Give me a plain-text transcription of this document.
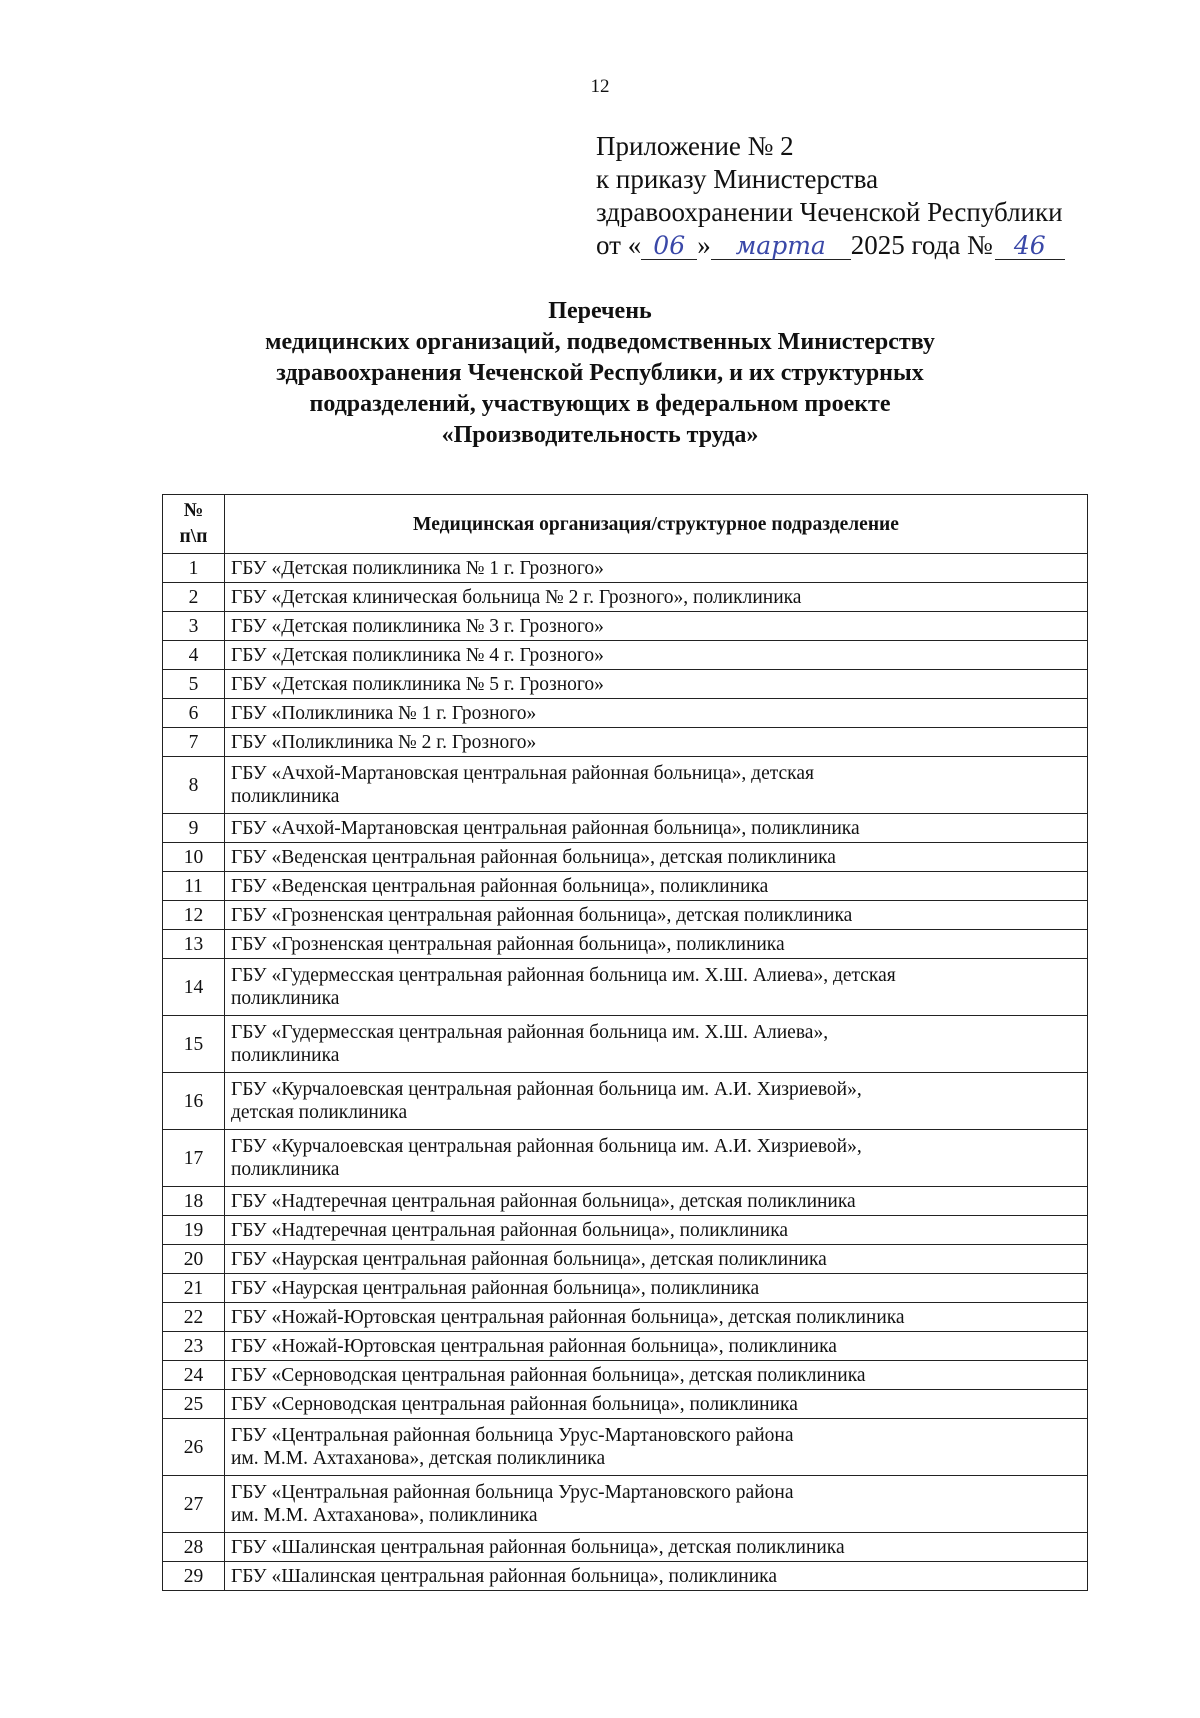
12
Приложение № 2
к приказу Министерства
здравоохранении Чеченской Республики
от « 06 » марта 2025 года № 46
Перечень
медицинских организаций, подведомственных Министерству
здравоохранения Чеченской Республики, и их структурных
подразделений, участвующих в федеральном проекте
«Производительность труда»
№
п\п	Медицинская организация/структурное подразделение
1	ГБУ «Детская поликлиника № 1 г. Грозного»
2	ГБУ «Детская клиническая больница № 2 г. Грозного», поликлиника
3	ГБУ «Детская поликлиника № 3 г. Грозного»
4	ГБУ «Детская поликлиника № 4 г. Грозного»
5	ГБУ «Детская поликлиника № 5 г. Грозного»
6	ГБУ «Поликлиника № 1 г. Грозного»
7	ГБУ «Поликлиника № 2 г. Грозного»
8	ГБУ «Ачхой-Мартановская центральная районная больница», детская
поликлиника
9	ГБУ «Ачхой-Мартановская центральная районная больница», поликлиника
10	ГБУ «Веденская центральная районная больница», детская поликлиника
11	ГБУ «Веденская центральная районная больница», поликлиника
12	ГБУ «Грозненская центральная районная больница», детская поликлиника
13	ГБУ «Грозненская центральная районная больница», поликлиника
14	ГБУ «Гудермесская центральная районная больница им. Х.Ш. Алиева», детская
поликлиника
15	ГБУ «Гудермесская центральная районная больница им. Х.Ш. Алиева»,
поликлиника
16	ГБУ «Курчалоевская центральная районная больница им. А.И. Хизриевой»,
детская поликлиника
17	ГБУ «Курчалоевская центральная районная больница им. А.И. Хизриевой»,
поликлиника
18	ГБУ «Надтеречная центральная районная больница», детская поликлиника
19	ГБУ «Надтеречная центральная районная больница», поликлиника
20	ГБУ «Наурская центральная районная больница», детская поликлиника
21	ГБУ «Наурская центральная районная больница», поликлиника
22	ГБУ «Ножай-Юртовская центральная районная больница», детская поликлиника
23	ГБУ «Ножай-Юртовская центральная районная больница», поликлиника
24	ГБУ «Серноводская центральная районная больница», детская поликлиника
25	ГБУ «Серноводская центральная районная больница», поликлиника
26	ГБУ «Центральная районная больница Урус-Мартановского района
им. М.М. Ахтаханова», детская поликлиника
27	ГБУ «Центральная районная больница Урус-Мартановского района
им. М.М. Ахтаханова», поликлиника
28	ГБУ «Шалинская центральная районная больница», детская поликлиника
29	ГБУ «Шалинская центральная районная больница», поликлиника
